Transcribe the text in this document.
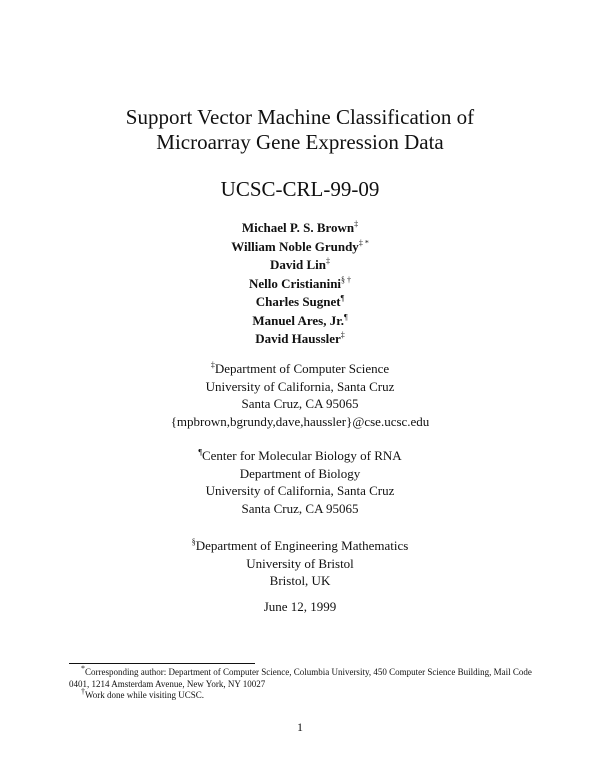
Support Vector Machine Classification of
Microarray Gene Expression Data
UCSC-CRL-99-09
Michael P. S. Brown‡
William Noble Grundy‡ *
David Lin‡
Nello Cristianini§ †
Charles Sugnet¶
Manuel Ares, Jr.¶
David Haussler‡
‡Department of Computer Science
University of California, Santa Cruz
Santa Cruz, CA 95065
{mpbrown,bgrundy,dave,haussler}@cse.ucsc.edu
¶Center for Molecular Biology of RNA
Department of Biology
University of California, Santa Cruz
Santa Cruz, CA 95065
§Department of Engineering Mathematics
University of Bristol
Bristol, UK
June 12, 1999
*Corresponding author: Department of Computer Science, Columbia University, 450 Computer Science Building, Mail Code 0401, 1214 Amsterdam Avenue, New York, NY 10027
†Work done while visiting UCSC.
1
